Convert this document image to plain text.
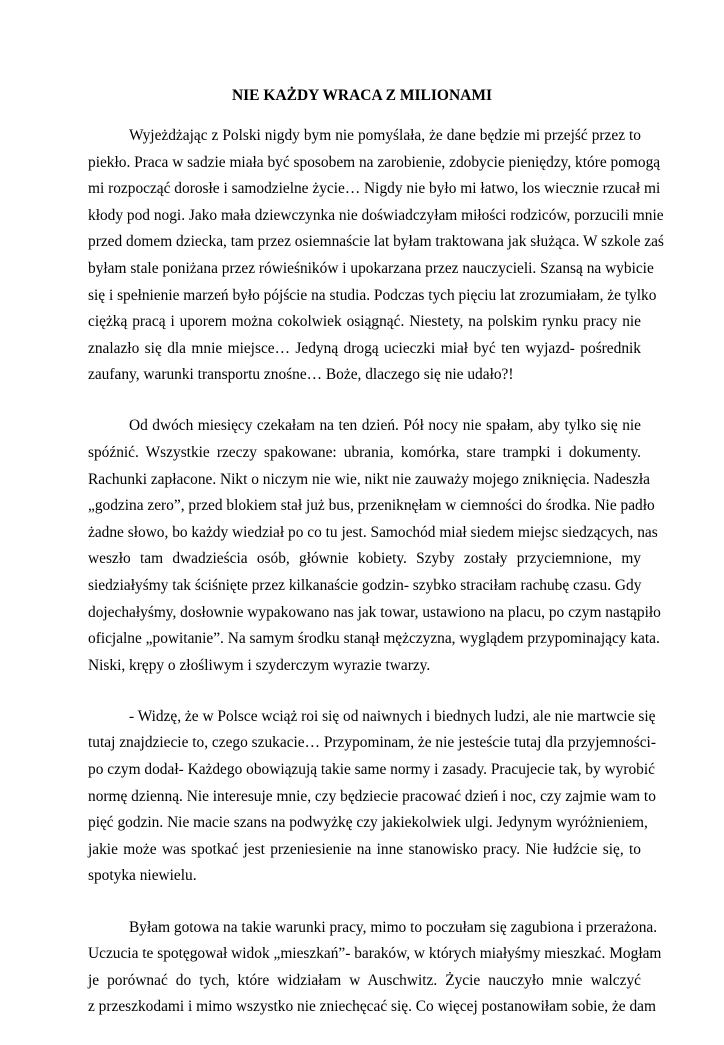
NIE KAŻDY WRACA Z MILIONAMI

Wyjeżdżając z Polski nigdy bym nie pomyślała, że dane będzie mi przejść przez to
piekło. Praca w sadzie miała być sposobem na zarobienie, zdobycie pieniędzy, które pomogą
mi rozpocząć dorosłe i samodzielne życie… Nigdy nie było mi łatwo, los wiecznie rzucał mi
kłody pod nogi. Jako mała dziewczynka nie doświadczyłam miłości rodziców, porzucili mnie
przed domem dziecka, tam przez osiemnaście lat byłam traktowana jak służąca. W szkole zaś
byłam stale poniżana przez rówieśników i upokarzana przez nauczycieli. Szansą na wybicie
się i spełnienie marzeń było pójście na studia. Podczas tych pięciu lat zrozumiałam, że tylko
ciężką pracą i uporem można cokolwiek osiągnąć. Niestety, na polskim rynku pracy nie
znalazło się dla mnie miejsce… Jedyną drogą ucieczki miał być ten wyjazd- pośrednik
zaufany, warunki transportu znośne… Boże, dlaczego się nie udało?!

Od dwóch miesięcy czekałam na ten dzień. Pół nocy nie spałam, aby tylko się nie
spóźnić. Wszystkie rzeczy spakowane: ubrania, komórka, stare trampki i dokumenty.
Rachunki zapłacone. Nikt o niczym nie wie, nikt nie zauważy mojego zniknięcia. Nadeszła
„godzina zero”, przed blokiem stał już bus, przeniknęłam w ciemności do środka. Nie padło
żadne słowo, bo każdy wiedział po co tu jest. Samochód miał siedem miejsc siedzących, nas
weszło tam dwadzieścia osób, głównie kobiety. Szyby zostały przyciemnione, my
siedziałyśmy tak ściśnięte przez kilkanaście godzin- szybko straciłam rachubę czasu. Gdy
dojechałyśmy, dosłownie wypakowano nas jak towar, ustawiono na placu, po czym nastąpiło
oficjalne „powitanie”. Na samym środku stanął mężczyzna, wyglądem przypominający kata.
Niski, krępy o złośliwym i szyderczym wyrazie twarzy.

- Widzę, że w Polsce wciąż roi się od naiwnych i biednych ludzi, ale nie martwcie się
tutaj znajdziecie to, czego szukacie… Przypominam, że nie jesteście tutaj dla przyjemności-
po czym dodał- Każdego obowiązują takie same normy i zasady. Pracujecie tak, by wyrobić
normę dzienną. Nie interesuje mnie, czy będziecie pracować dzień i noc, czy zajmie wam to
pięć godzin. Nie macie szans na podwyżkę czy jakiekolwiek ulgi. Jedynym wyróżnieniem,
jakie może was spotkać jest przeniesienie na inne stanowisko pracy. Nie łudźcie się, to
spotyka niewielu.

Byłam gotowa na takie warunki pracy, mimo to poczułam się zagubiona i przerażona.
Uczucia te spotęgował widok „mieszkań”- baraków, w których miałyśmy mieszkać. Mogłam
je porównać do tych, które widziałam w Auschwitz. Życie nauczyło mnie walczyć
z przeszkodami i mimo wszystko nie zniechęcać się. Co więcej postanowiłam sobie, że dam
